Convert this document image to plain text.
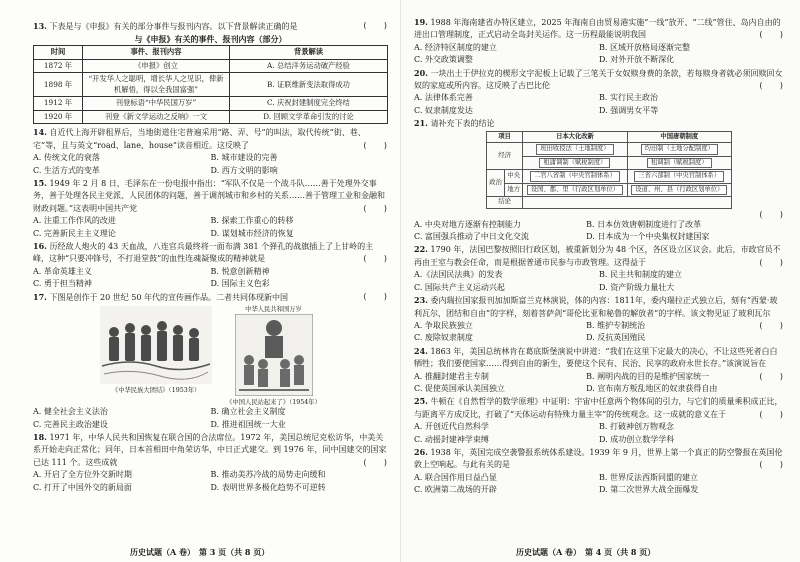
13. 下表是与《申报》有关的部分事件与报刊内容。以下背景解读正确的是	(　　)

与《申报》有关的事件、报刊内容（部分）
时间	事件、报刊内容	背景解读
1872 年	《申报》创立	A. 总结洋务运动破产经验
1898 年	“开发华人之聪明，增长华人之见识，俾新机解悟，得以全我国富强”	B. 证联维新变法取得成功
1912 年	刊登标语“中华民国万岁”	C. 庆祝封建制度完全终结
1920 年	刊登《新文学运动之反响》一文	D. 回顾文学革命引发的讨论

14. 自近代上海开辟租界后，当地街道住宅普遍采用“路、弄、号”的叫法，取代传统“街、巷、宅”等，且与英文“road、lane、house”读音相近。这反映了	(　　)

A. 传统文化的衰落	B. 城市建设的完善
C. 生活方式的变革	D. 西方文明的影响

15. 1949 年 2 月 8 日，毛泽东在一份电报中指出：“军队不仅是一个战斗队……善于处理外交事务，善于处理各民主党派、人民团体的问题，善于调剂城市和乡村的关系……善于管理工业和金融和财政问题。”这表明中国共产党	(　　)

A. 注重工作作风的改进	B. 探索工作重心的转移
C. 完善新民主主义理论	D. 谋划城市经济的恢复

16. 历经敌人炮火的 43 天血战，八连官兵最终将一面布满 381 个弹孔的战旗插上了上甘岭的主峰，这种“只要冲锋号，不打退堂鼓”的血性连魂凝聚成的精神就是	(　　)

A. 革命英雄主义	B. 悦意创新精神
C. 勇于担当精神	D. 国际主义色彩

17. 下图是创作于 20 世纪 50 年代的宣传画作品。二者共同体现新中国	(　　)

《中华民族大团结》（1953年）
中华人民共和国万岁
《中国人民站起来了》（1954年）
A. 健全社会主义法治	B. 确立社会主义制度
C. 完善民主政治建设	D. 推进祖国统一大业

18. 1971 年，中华人民共和国恢复在联合国的合法席位。1972 年，美国总统尼克松访华，中美关系开始走向正常化；同年，日本首相田中角荣访华，中日正式建交。到 1976 年，同中国建交的国家已达 111 个。这些成就	(　　)

A. 开启了全方位外交新时期	B. 推动美苏冷战的局势走向缓和
C. 打开了中国外交的新局面	D. 表明世界多极化趋势不可逆转
历史试题（A 卷）　第 3 页（共 8 页）

19. 1988 年海南建省办特区建立，2025 年海南自由贸易港实施“一线”放开、“二线”管住、岛内自由的进出口管理制度，正式启动全岛封关运作。这一历程最能说明我国	(　　)

A. 经济特区制度的建立	B. 区域开放格局逐渐完整
C. 外交政策调整	D. 对外开放不断深化

20. 一块出土于伊拉克的楔形文字泥板上记载了三笔关于女奴赎身费的条款，若每赎身者就必须回赎回女奴的家庭或所内容。这反映了古巴比伦	(　　)

A. 法律体系完善	B. 实行民主政治
C. 奴隶制度发达	D. 强调男女平等

21. 请补充下表的结论

项目		日本大化改新	中国唐朝制度
经济		班田收授法（土地制度）	均田制（土地分配制度）
		租庸调制（赋税制度）	租调制（赋税制度）
政治	中央	二官八省制（中央官制体系）	三省六部制（中央官制体系）
	地方	设国、郡、里（行政区划单位）	设道、州、县（行政区划单位）
结论			

(　　)

A. 中央对地方逐渐有控制能力	B. 日本仿效唐朝制度进行了改革
C. 富国强兵推动了中日文化交流	D. 日本成为一个中央集权封建国家

22. 1790 年，法国巴黎按照旧行政区划，被重新划分为 48 个区，各区设立区议会。此后，市政官员不再由王室与教会任命，而是根据普通市民参与市政管理。这得益于	(　　)

A.《法国民法典》的发表	B. 民主共和制度的建立
C. 国际共产主义运动兴起	D. 资产阶级力量壮大

23. 委内瑞拉国家报刊加加斯富兰克林演说，体的内容：1811年，委内瑞拉正式独立后，刻有“西蒙·玻利瓦尔，团结和自由”的字样，刻着菩萨剑“哥伦比亚和秘鲁的解放者”的字样。该文物见证了玻利瓦尔
(　　)

A. 争取民族独立	B. 维护专制统治
C. 废除奴隶制度	D. 反抗英国殖民

24. 1863 年，美国总统林肯在葛底斯堡演说中讲道：“我们在这里下定最大的决心，不让这些死者白白牺牲；我们要使国家……得到自由的新生，要使这个民有、民治、民享的政府永世长存。”该演说旨在
(　　)

A. 推翻封建君主专制	B. 阐明内战的目的是维护国家统一
C. 促使英国承认美国独立	D. 宣布南方叛乱地区的奴隶获得自由

25. 牛顿在《自然哲学的数学原理》中证明：宇宙中任意两个物体间的引力，与它们的质量乘积成正比，与距离平方成反比，打破了“天体运动有特殊力量主宰”的传统观念。这一成就的意义在于	(　　)

A. 开创近代自然科学	B. 打破神创万物观念
C. 动摇封建神学束缚	D. 成功创立数学学科

26. 1938 年，英国完成空袭警报系统体系建设。1939 年 9 月，世界上第一个真正的防空警报在英国伦敦上空响起。与此有关的是	(　　)

A. 联合国作用日益凸显	B. 世界反法西斯同盟的建立
C. 欧洲第二战场的开辟	D. 第二次世界大战全面爆发
历史试题（A 卷）　第 4 页（共 8 页）
